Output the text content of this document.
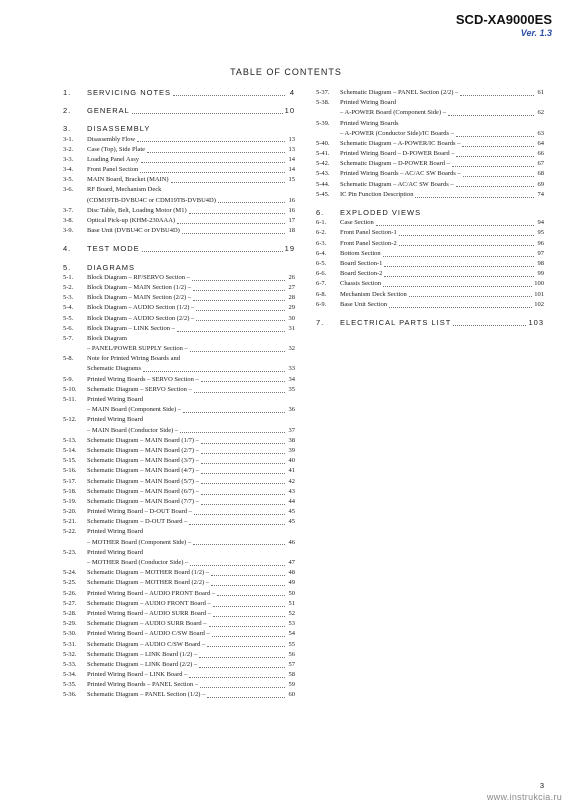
SCD-XA9000ES
Ver. 1.3
TABLE OF CONTENTS
1.	SERVICING NOTES	4
2.	GENERAL	10
3.	DISASSEMBLY
3-1.	Disassembly Flow	13
3-2.	Case (Top), Side Plate	13
3-3.	Loading Panel Assy	14
3-4.	Front Panel Section	14
3-5.	MAIN Board, Bracket (MAIN)	15
3-6.	RF Board, Mechanism Deck
(CDM19TB-DVBU4C or CDM19TB-DVBU4D)	16
3-7.	Disc Table, Belt, Loading Motor (M1)	16
3-8.	Optical Pick-up (KHM-230AAA)	17
3-9.	Base Unit (DVBU4C or DVBU4D)	18
4.	TEST MODE	19
5.	DIAGRAMS
5-1.	Block Diagram – RF/SERVO Section –	26
5-2.	Block Diagram – MAIN Section (1/2) –	27
5-3.	Block Diagram – MAIN Section (2/2) –	28
5-4.	Block Diagram – AUDIO Section (1/2) –	29
5-5.	Block Diagram – AUDIO Section (2/2) –	30
5-6.	Block Diagram – LINK Section –	31
5-7.	Block Diagram
– PANEL/POWER SUPPLY Section –	32
5-8.	Note for Printed Wiring Boards and
Schematic Diagrams	33
5-9.	Printed Wiring Boards – SERVO Section –	34
5-10.	Schematic Diagram – SERVO Section –	35
5-11.	Printed Wiring Board
– MAIN Board (Component Side) –	36
5-12.	Printed Wiring Board
– MAIN Board (Conductor Side) –	37
5-13.	Schematic Diagram – MAIN Board (1/7) –	38
5-14.	Schematic Diagram – MAIN Board (2/7) –	39
5-15.	Schematic Diagram – MAIN Board (3/7) –	40
5-16.	Schematic Diagram – MAIN Board (4/7) –	41
5-17.	Schematic Diagram – MAIN Board (5/7) –	42
5-18.	Schematic Diagram – MAIN Board (6/7) –	43
5-19.	Schematic Diagram – MAIN Board (7/7) –	44
5-20.	Printed Wiring Board – D-OUT Board –	45
5-21.	Schematic Diagram – D-OUT Board –	45
5-22.	Printed Wiring Board
– MOTHER Board (Component Side) –	46
5-23.	Printed Wiring Board
– MOTHER Board (Conductor Side) –	47
5-24.	Schematic Diagram – MOTHER Board (1/2) –	48
5-25.	Schematic Diagram – MOTHER Board (2/2) –	49
5-26.	Printed Wiring Board – AUDIO FRONT Board –	50
5-27.	Schematic Diagram – AUDIO FRONT Board –	51
5-28.	Printed Wiring Board – AUDIO SURR Board –	52
5-29.	Schematic Diagram – AUDIO SURR Board –	53
5-30.	Printed Wiring Board – AUDIO C/SW Board –	54
5-31.	Schematic Diagram – AUDIO C/SW Board –	55
5-32.	Schematic Diagram – LINK Board (1/2) –	56
5-33.	Schematic Diagram – LINK Board (2/2) –	57
5-34.	Printed Wiring Board – LINK Board –	58
5-35.	Printed Wiring Boards – PANEL Section –	59
5-36.	Schematic Diagram – PANEL Section (1/2) –	60
5-37.	Schematic Diagram – PANEL Section (2/2) –	61
5-38.	Printed Wiring Board
– A-POWER Board (Component Side) –	62
5-39.	Printed Wiring Boards
– A-POWER (Conductor Side)/IC Boards –	63
5-40.	Schematic Diagram – A-POWER/IC Boards –	64
5-41.	Printed Wiring Board – D-POWER Board –	66
5-42.	Schematic Diagram – D-POWER Board –	67
5-43.	Printed Wiring Boards – AC/AC SW Boards –	68
5-44.	Schematic Diagram – AC/AC SW Boards –	69
5-45.	IC Pin Function Description	74
6.	EXPLODED VIEWS
6-1.	Case Section	94
6-2.	Front Panel Section-1	95
6-3.	Front Panel Section-2	96
6-4.	Bottom Section	97
6-5.	Board Section-1	98
6-6.	Board Section-2	99
6-7.	Chassis Section	100
6-8.	Mechanism Deck Section	101
6-9.	Base Unit Section	102
7.	ELECTRICAL PARTS LIST	103
3
www.instrukcia.ru
